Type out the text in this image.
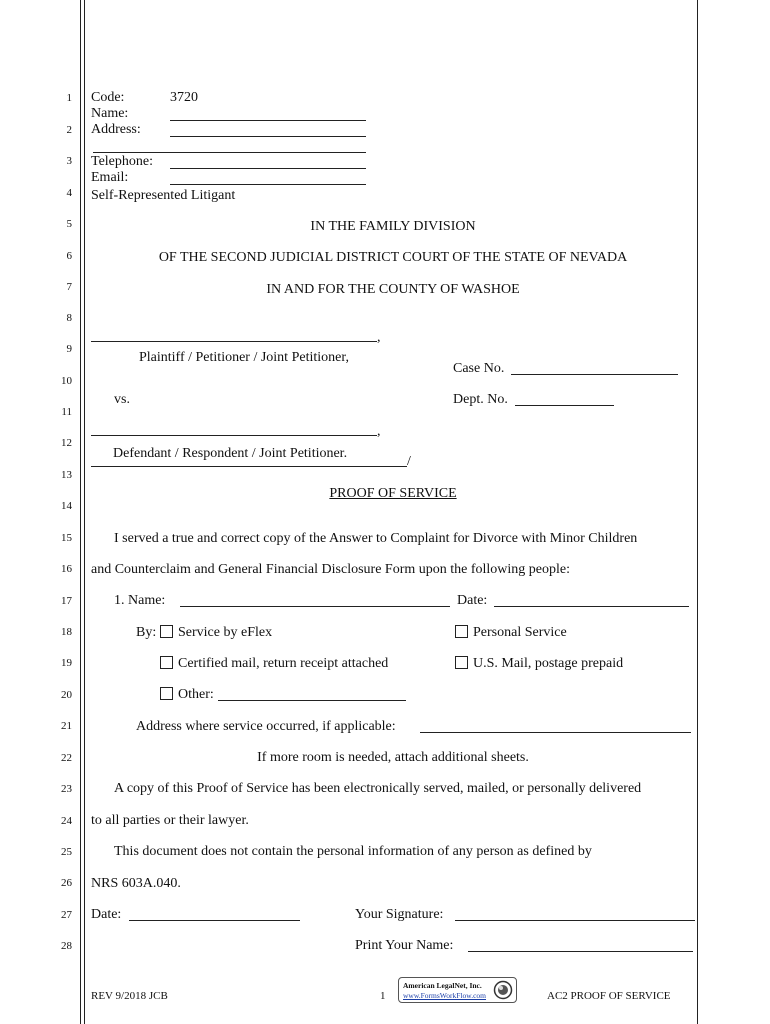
1
2
3
4
5
6
7
8
9
10
11
12
13
14
15
16
17
18
19
20
21
22
23
24
25
26
27
28
Code:	3720
Name:
Address:
Telephone:
Email:
Self-Represented Litigant
IN THE FAMILY DIVISION
OF THE SECOND JUDICIAL DISTRICT COURT OF THE STATE OF NEVADA
IN AND FOR THE COUNTY OF WASHOE
,
Plaintiff / Petitioner / Joint Petitioner,
Case No.
vs.	Dept. No.
,
Defendant / Respondent / Joint Petitioner.
/
PROOF OF SERVICE
I served a true and correct copy of the Answer to Complaint for Divorce with Minor Children
and Counterclaim and General Financial Disclosure Form upon the following people:
1. Name:	Date:
By: Service by eFlex	Personal Service
Certified mail, return receipt attached	U.S. Mail, postage prepaid
Other:
Address where service occurred, if applicable:
If more room is needed, attach additional sheets.
A copy of this Proof of Service has been electronically served, mailed, or personally delivered
to all parties or their lawyer.
This document does not contain the personal information of any person as defined by
NRS 603A.040.
Date:	Your Signature:
Print Your Name:
REV 9/2018 JCB	1
American LegalNet, Inc.
www.FormsWorkFlow.com	AC2 PROOF OF SERVICE
